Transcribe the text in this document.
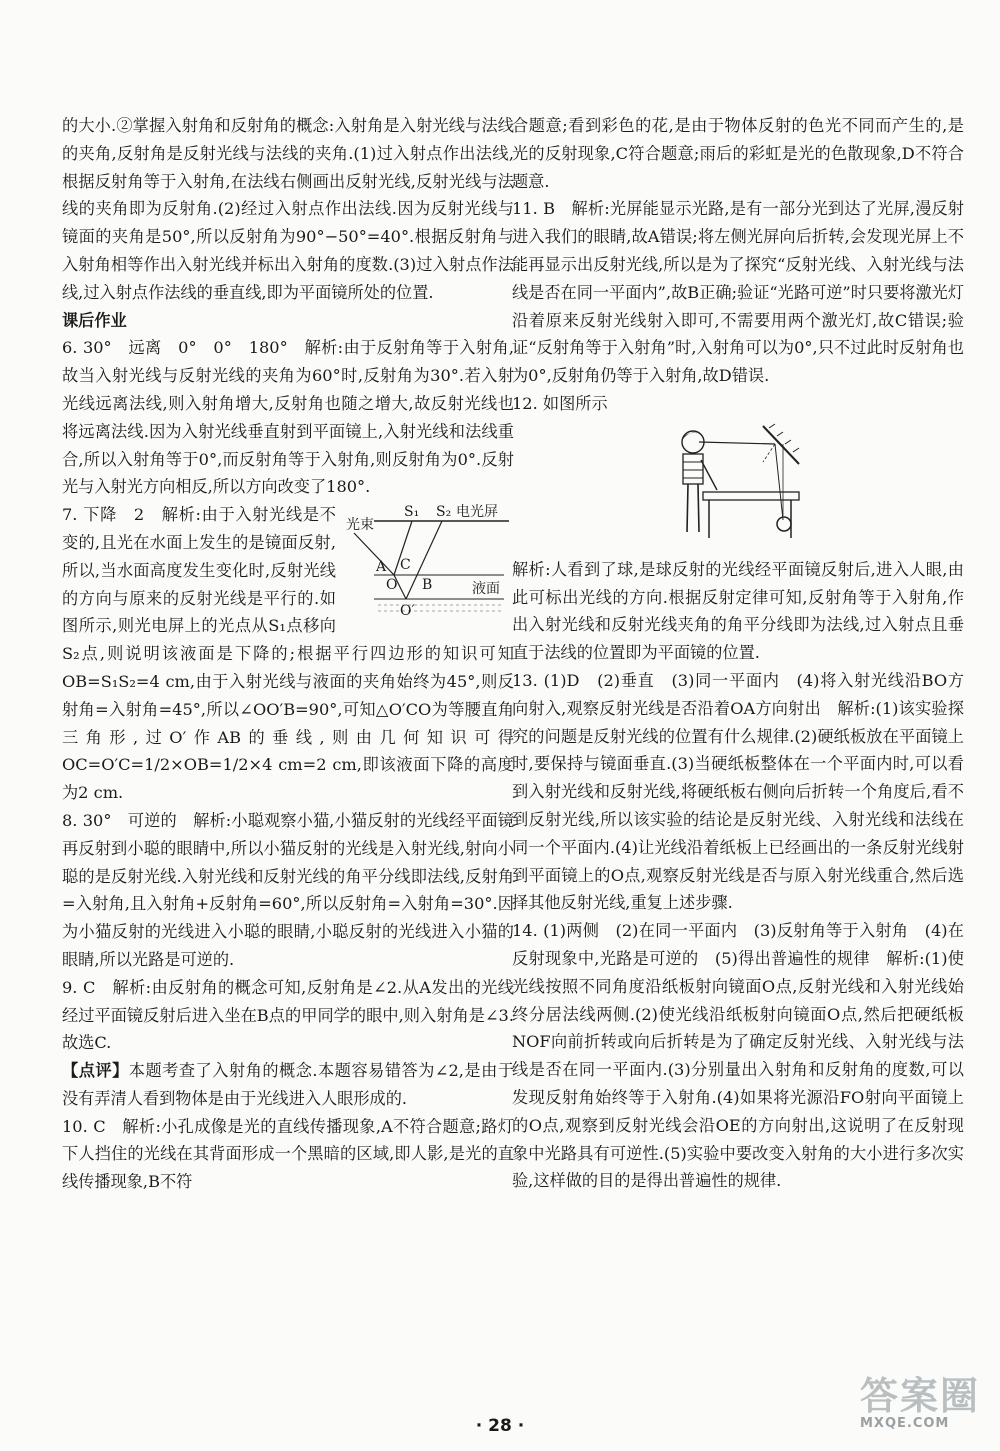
的大小.②掌握入射角和反射角的概念:入射角是入射光线与法线的夹角,反射角是反射光线与法线的夹角.(1)过入射点作出法线,根据反射角等于入射角,在法线右侧画出反射光线,反射光线与法线的夹角即为反射角.(2)经过入射点作出法线.因为反射光线与镜面的夹角是50°,所以反射角为90°−50°=40°.根据反射角与入射角相等作出入射光线并标出入射角的度数.(3)过入射点作法线,过入射点作法线的垂直线,即为平面镜所处的位置.

课后作业

6. 30°　远离　0°　0°　180°　解析:由于反射角等于入射角,故当入射光线与反射光线的夹角为60°时,反射角为30°.若入射光线远离法线,则入射角增大,反射角也随之增大,故反射光线也将远离法线.因为入射光线垂直射到平面镜上,入射光线和法线重合,所以入射角等于0°,而反射角等于入射角,则反射角为0°.反射光与入射光方向相反,所以方向改变了180°.

S₁ S₂ 电光屏
光束
液面
C
A
O
O′
B

7. 下降　2　解析:由于入射光线是不变的,且光在水面上发生的是镜面反射,所以,当水面高度发生变化时,反射光线的方向与原来的反射光线是平行的.如图所示,则光电屏上的光点从S₁点移向S₂点,则说明该液面是下降的;根据平行四边形的知识可知OB=S₁S₂=4 cm,由于入射光线与液面的夹角始终为45°,则反射角=入射角=45°,所以∠OO′B=90°,可知△O′CO为等腰直角三角形,过O′作AB的垂线,则由几何知识可得OC=O′C=1/2×OB=1/2×4 cm=2 cm,即该液面下降的高度为2 cm.

8. 30°　可逆的　解析:小聪观察小猫,小猫反射的光线经平面镜再反射到小聪的眼睛中,所以小猫反射的光线是入射光线,射向小聪的是反射光线.入射光线和反射光线的角平分线即法线,反射角=入射角,且入射角+反射角=60°,所以反射角=入射角=30°.因为小猫反射的光线进入小聪的眼睛,小聪反射的光线进入小猫的眼睛,所以光路是可逆的.

9. C　解析:由反射角的概念可知,反射角是∠2.从A发出的光线经过平面镜反射后进入坐在B点的甲同学的眼中,则入射角是∠3.故选C.

【点评】本题考查了入射角的概念.本题容易错答为∠2,是由于没有弄清人看到物体是由于光线进入人眼形成的.

10. C　解析:小孔成像是光的直线传播现象,A不符合题意;路灯下人挡住的光线在其背面形成一个黑暗的区域,即人影,是光的直线传播现象,B不符

合题意;看到彩色的花,是由于物体反射的色光不同而产生的,是光的反射现象,C符合题意;雨后的彩虹是光的色散现象,D不符合题意.

11. B　解析:光屏能显示光路,是有一部分光到达了光屏,漫反射进入我们的眼睛,故A错误;将左侧光屏向后折转,会发现光屏上不能再显示出反射光线,所以是为了探究“反射光线、入射光线与法线是否在同一平面内”,故B正确;验证“光路可逆”时只要将激光灯沿着原来反射光线射入即可,不需要用两个激光灯,故C错误;验证“反射角等于入射角”时,入射角可以为0°,只不过此时反射角也为0°,反射角仍等于入射角,故D错误.

12. 如图所示

解析:人看到了球,是球反射的光线经平面镜反射后,进入人眼,由此可标出光线的方向.根据反射定律可知,反射角等于入射角,作出入射光线和反射光线夹角的角平分线即为法线,过入射点且垂直于法线的位置即为平面镜的位置.

13. (1)D　(2)垂直　(3)同一平面内　(4)将入射光线沿BO方向射入,观察反射光线是否沿着OA方向射出　解析:(1)该实验探究的问题是反射光线的位置有什么规律.(2)硬纸板放在平面镜上时,要保持与镜面垂直.(3)当硬纸板整体在一个平面内时,可以看到入射光线和反射光线,将硬纸板右侧向后折转一个角度后,看不到反射光线,所以该实验的结论是反射光线、入射光线和法线在同一个平面内.(4)让光线沿着纸板上已经画出的一条反射光线射到平面镜上的O点,观察反射光线是否与原入射光线重合,然后选择其他反射光线,重复上述步骤.

14. (1)两侧　(2)在同一平面内　(3)反射角等于入射角　(4)在反射现象中,光路是可逆的　(5)得出普遍性的规律　解析:(1)使光线按照不同角度沿纸板射向镜面O点,反射光线和入射光线始终分居法线两侧.(2)使光线沿纸板射向镜面O点,然后把硬纸板NOF向前折转或向后折转是为了确定反射光线、入射光线与法线是否在同一平面内.(3)分别量出入射角和反射角的度数,可以发现反射角始终等于入射角.(4)如果将光源沿FO射向平面镜上的O点,观察到反射光线会沿OE的方向射出,这说明了在反射现象中光路具有可逆性.(5)实验中要改变入射角的大小进行多次实验,这样做的目的是得出普遍性的规律.

· 28 ·
答案圈
MXQE.COM
